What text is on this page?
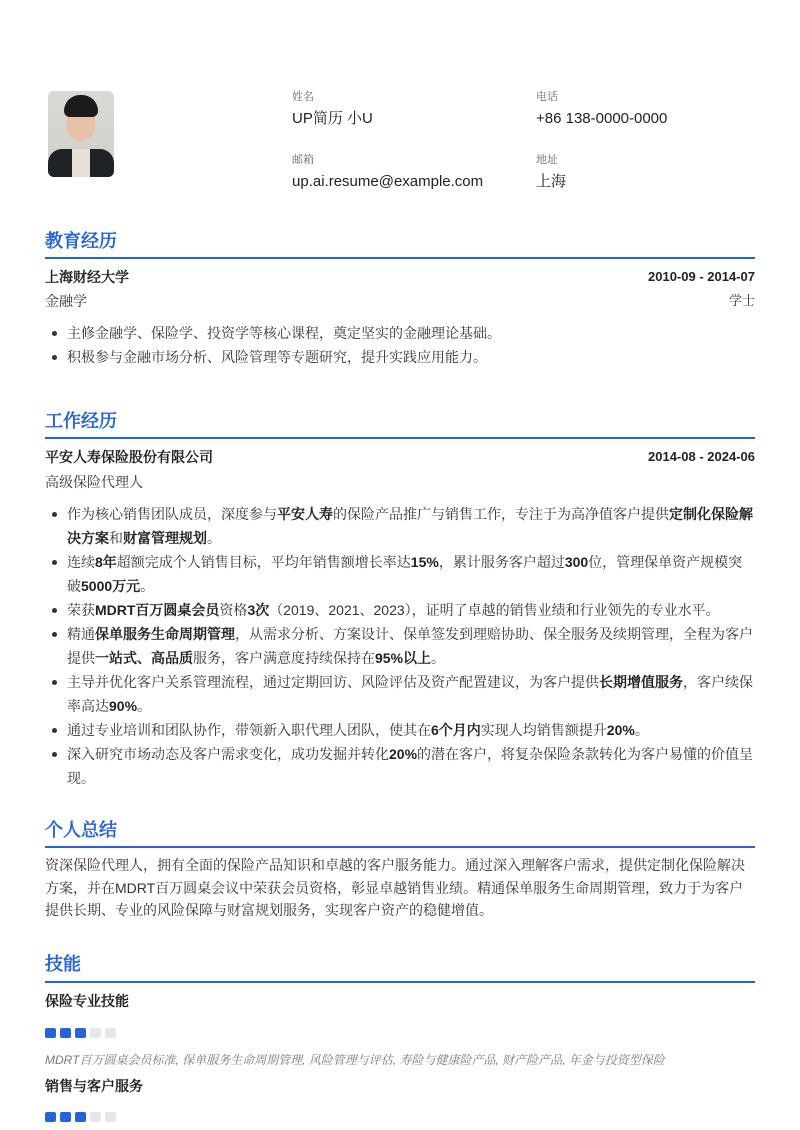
姓名
UP简历 小U
电话
+86 138-0000-0000
邮箱
up.ai.resume@example.com
地址
上海
教育经历
上海财经大学	2010-09 - 2014-07
金融学	学士
主修金融学、保险学、投资学等核心课程，奠定坚实的金融理论基础。
积极参与金融市场分析、风险管理等专题研究，提升实践应用能力。
工作经历
平安人寿保险股份有限公司	2014-08 - 2024-06
高级保险代理人
作为核心销售团队成员，深度参与平安人寿的保险产品推广与销售工作，专注于为高净值客户提供定制化保险解决方案和财富管理规划。
连续8年超额完成个人销售目标，平均年销售额增长率达15%，累计服务客户超过300位，管理保单资产规模突破5000万元。
荣获MDRT百万圆桌会员资格3次（2019、2021、2023），证明了卓越的销售业绩和行业领先的专业水平。
精通保单服务生命周期管理，从需求分析、方案设计、保单签发到理赔协助、保全服务及续期管理，全程为客户提供一站式、高品质服务，客户满意度持续保持在95%以上。
主导并优化客户关系管理流程，通过定期回访、风险评估及资产配置建议，为客户提供长期增值服务，客户续保率高达90%。
通过专业培训和团队协作，带领新入职代理人团队，使其在6个月内实现人均销售额提升20%。
深入研究市场动态及客户需求变化，成功发掘并转化20%的潜在客户，将复杂保险条款转化为客户易懂的价值呈现。
个人总结
资深保险代理人，拥有全面的保险产品知识和卓越的客户服务能力。通过深入理解客户需求，提供定制化保险解决方案，并在MDRT百万圆桌会议中荣获会员资格，彰显卓越销售业绩。精通保单服务生命周期管理，致力于为客户提供长期、专业的风险保障与财富规划服务，实现客户资产的稳健增值。
技能
保险专业技能
MDRT百万圆桌会员标准, 保单服务生命周期管理, 风险管理与评估, 寿险与健康险产品, 财产险产品, 年金与投资型保险
销售与客户服务
